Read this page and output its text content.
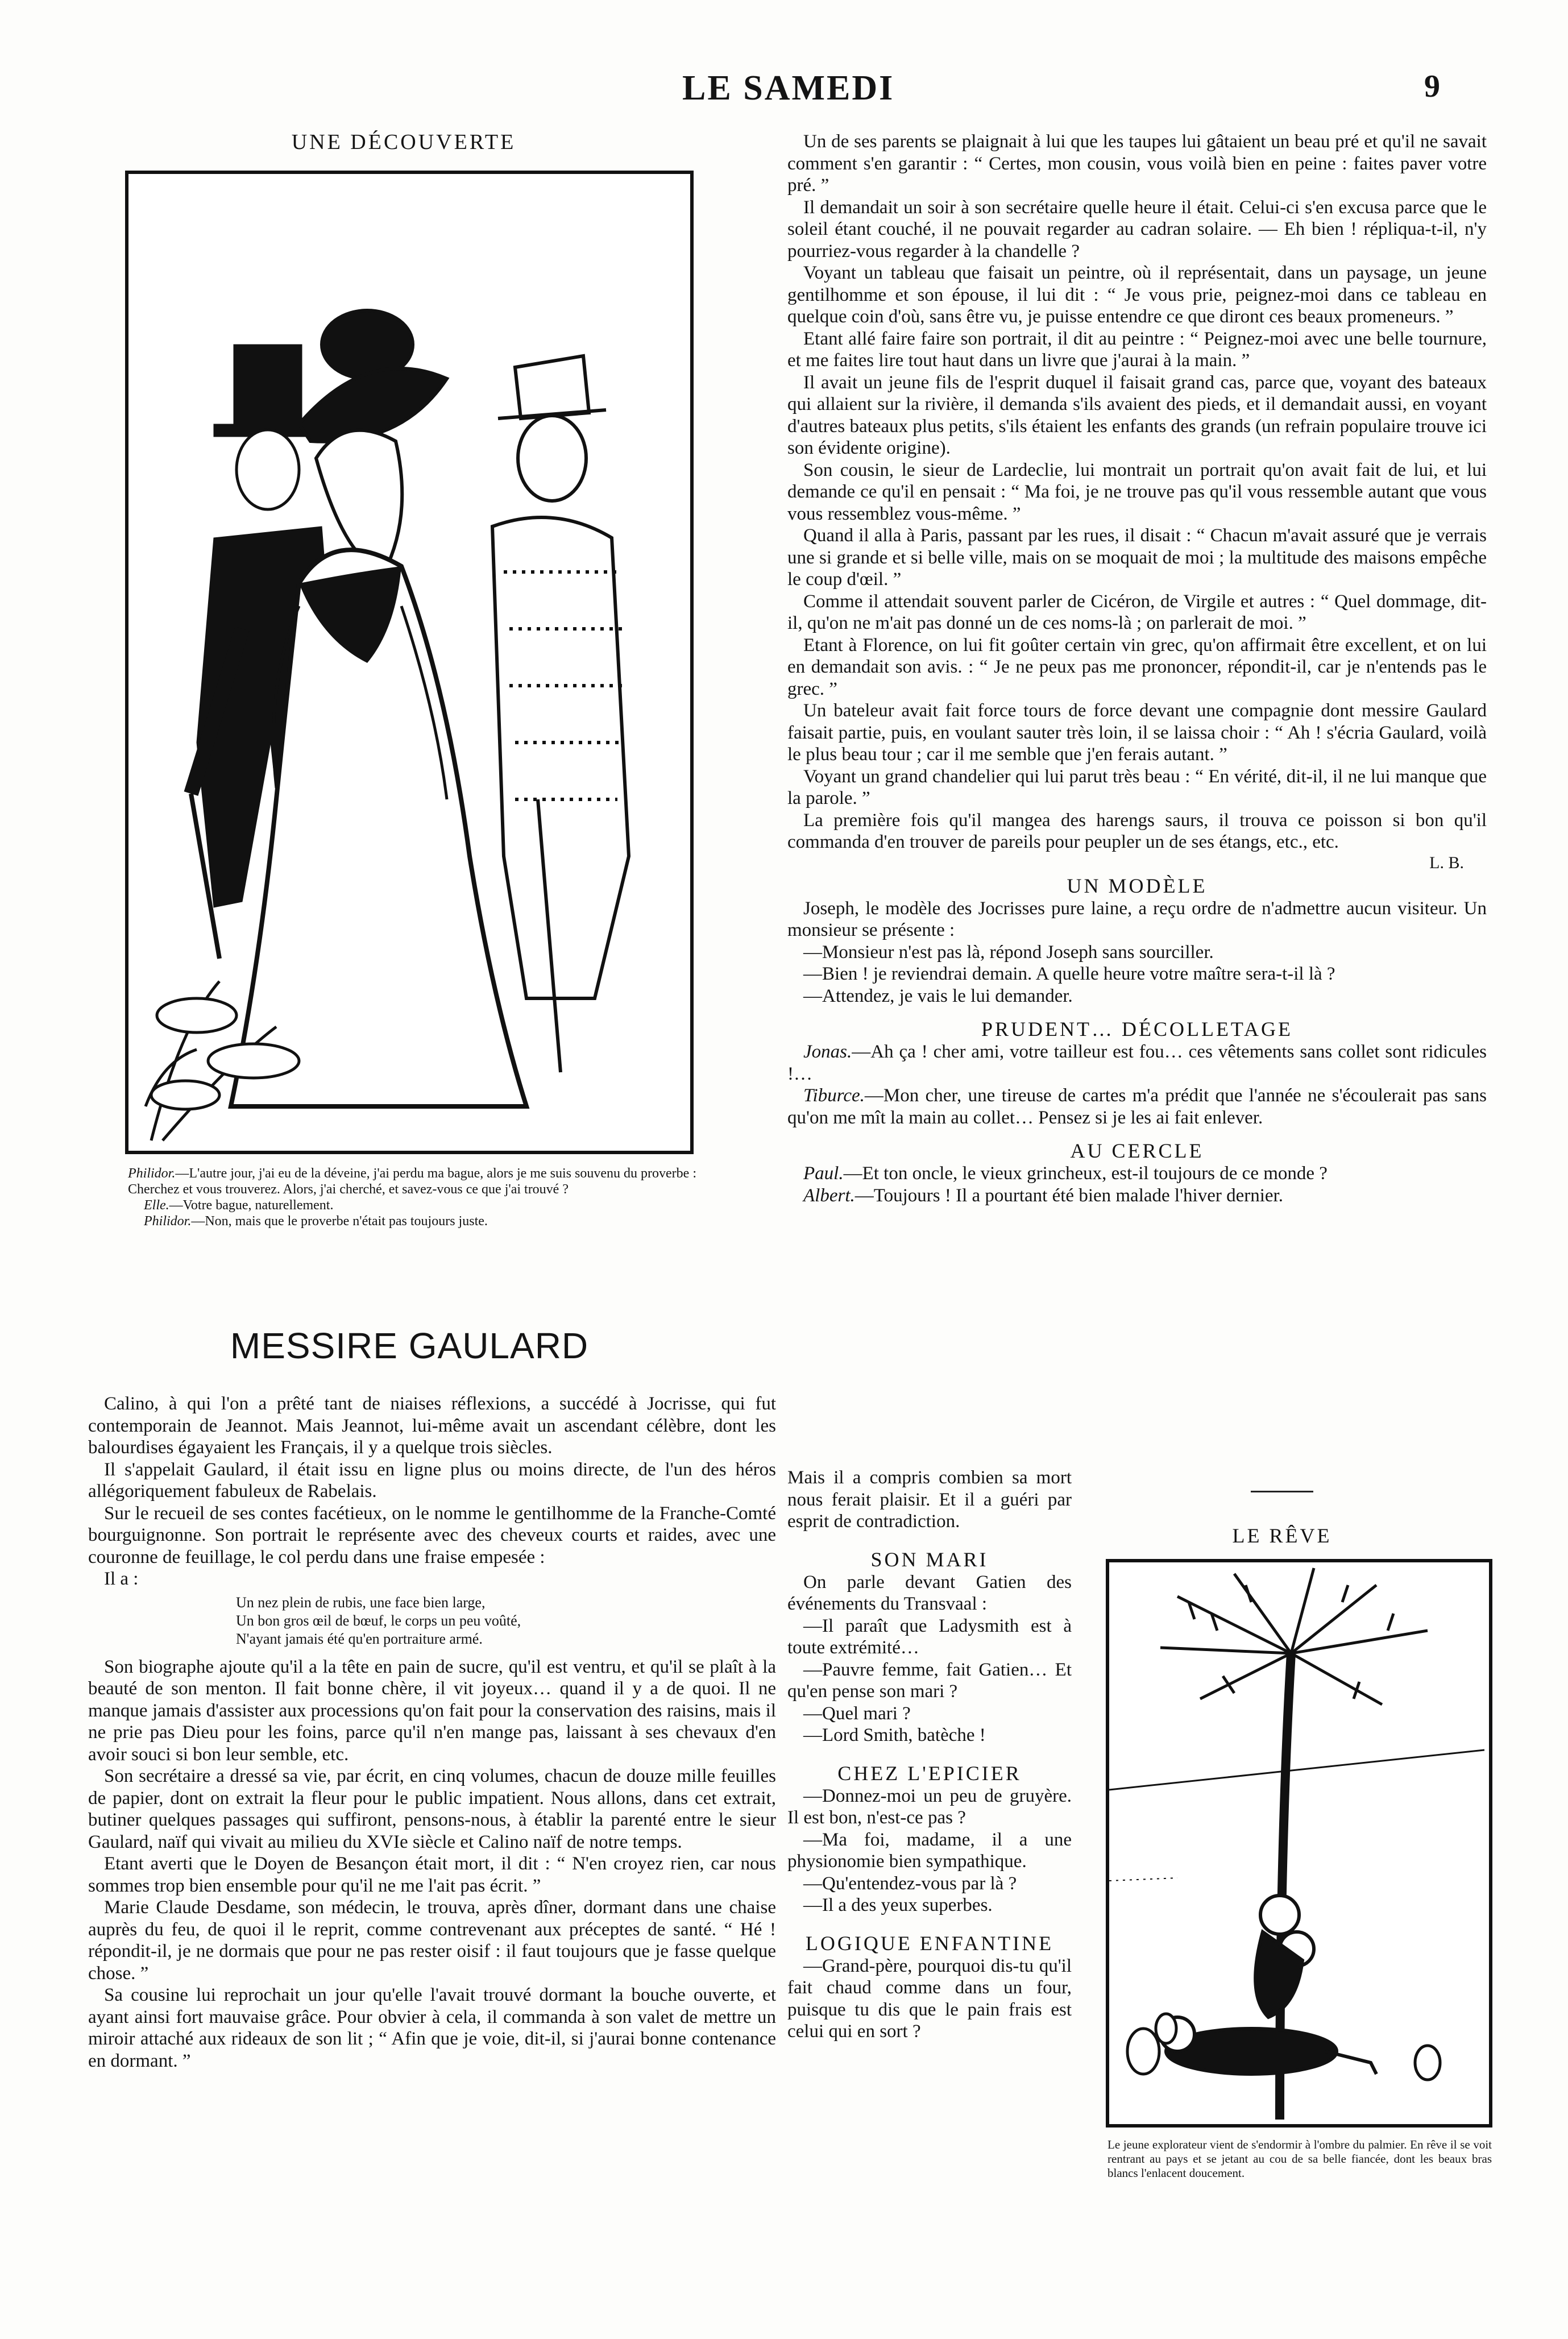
LE SAMEDI	9
UNE DÉCOUVERTE
Philidor.—L'autre jour, j'ai eu de la déveine, j'ai perdu ma bague, alors je me suis souvenu du proverbe : Cherchez et vous trouverez. Alors, j'ai cherché, et savez-vous ce que j'ai trouvé ?
Elle.—Votre bague, naturellement.
Philidor.—Non, mais que le proverbe n'était pas toujours juste.
MESSIRE GAULARD

Calino, à qui l'on a prêté tant de niaises réflexions, a succédé à Jocrisse, qui fut contemporain de Jeannot. Mais Jeannot, lui-même avait un ascendant célèbre, dont les balourdises égayaient les Français, il y a quelque trois siècles.

Il s'appelait Gaulard, il était issu en ligne plus ou moins directe, de l'un des héros allégoriquement fabuleux de Rabelais.

Sur le recueil de ses contes facétieux, on le nomme le gentilhomme de la Franche-Comté bourguignonne. Son portrait le représente avec des cheveux courts et raides, avec une couronne de feuillage, le col perdu dans une fraise empesée :

Il a :

Un nez plein de rubis, une face bien large,
Un bon gros œil de bœuf, le corps un peu voûté,
N'ayant jamais été qu'en portraiture armé.

Son biographe ajoute qu'il a la tête en pain de sucre, qu'il est ventru, et qu'il se plaît à la beauté de son menton. Il fait bonne chère, il vit joyeux… quand il y a de quoi. Il ne manque jamais d'assister aux processions qu'on fait pour la conservation des raisins, mais il ne prie pas Dieu pour les foins, parce qu'il n'en mange pas, laissant à ses chevaux d'en avoir souci si bon leur semble, etc.

Son secrétaire a dressé sa vie, par écrit, en cinq volumes, chacun de douze mille feuilles de papier, dont on extrait la fleur pour le public impatient. Nous allons, dans cet extrait, butiner quelques passages qui suffiront, pensons-nous, à établir la parenté entre le sieur Gaulard, naïf qui vivait au milieu du XVIe siècle et Calino naïf de notre temps.

Etant averti que le Doyen de Besançon était mort, il dit : “ N'en croyez rien, car nous sommes trop bien ensemble pour qu'il ne me l'ait pas écrit. ”

Marie Claude Desdame, son médecin, le trouva, après dîner, dormant dans une chaise auprès du feu, de quoi il le reprit, comme contrevenant aux préceptes de santé. “ Hé ! répondit-il, je ne dormais que pour ne pas rester oisif : il faut toujours que je fasse quelque chose. ”

Sa cousine lui reprochait un jour qu'elle l'avait trouvé dormant la bouche ouverte, et ayant ainsi fort mauvaise grâce. Pour obvier à cela, il commanda à son valet de mettre un miroir attaché aux rideaux de son lit ; “ Afin que je voie, dit-il, si j'aurai bonne contenance en dormant. ”

Un de ses parents se plaignait à lui que les taupes lui gâtaient un beau pré et qu'il ne savait comment s'en garantir : “ Certes, mon cousin, vous voilà bien en peine : faites paver votre pré. ”

Il demandait un soir à son secrétaire quelle heure il était. Celui-ci s'en excusa parce que le soleil étant couché, il ne pouvait regarder au cadran solaire. — Eh bien ! répliqua-t-il, n'y pourriez-vous regarder à la chandelle ?

Voyant un tableau que faisait un peintre, où il représentait, dans un paysage, un jeune gentilhomme et son épouse, il lui dit : “ Je vous prie, peignez-moi dans ce tableau en quelque coin d'où, sans être vu, je puisse entendre ce que diront ces beaux promeneurs. ”

Etant allé faire faire son portrait, il dit au peintre : “ Peignez-moi avec une belle tournure, et me faites lire tout haut dans un livre que j'aurai à la main. ”

Il avait un jeune fils de l'esprit duquel il faisait grand cas, parce que, voyant des bateaux qui allaient sur la rivière, il demanda s'ils avaient des pieds, et il demandait aussi, en voyant d'autres bateaux plus petits, s'ils étaient les enfants des grands (un refrain populaire trouve ici son évidente origine).

Son cousin, le sieur de Lardeclie, lui montrait un portrait qu'on avait fait de lui, et lui demande ce qu'il en pensait : “ Ma foi, je ne trouve pas qu'il vous ressemble autant que vous vous ressemblez vous-même. ”

Quand il alla à Paris, passant par les rues, il disait : “ Chacun m'avait assuré que je verrais une si grande et si belle ville, mais on se moquait de moi ; la multitude des maisons empêche le coup d'œil. ”

Comme il attendait souvent parler de Cicéron, de Virgile et autres : “ Quel dommage, dit-il, qu'on ne m'ait pas donné un de ces noms-là ; on parlerait de moi. ”

Etant à Florence, on lui fit goûter certain vin grec, qu'on affirmait être excellent, et on lui en demandait son avis. : “ Je ne peux pas me prononcer, répondit-il, car je n'entends pas le grec. ”

Un bateleur avait fait force tours de force devant une compagnie dont messire Gaulard faisait partie, puis, en voulant sauter très loin, il se laissa choir : “ Ah ! s'écria Gaulard, voilà le plus beau tour ; car il me semble que j'en ferais autant. ”

Voyant un grand chandelier qui lui parut très beau : “ En vérité, dit-il, il ne lui manque que la parole. ”

La première fois qu'il mangea des harengs saurs, il trouva ce poisson si bon qu'il commanda d'en trouver de pareils pour peupler un de ses étangs, etc., etc.

L. B.
UN MODÈLE

Joseph, le modèle des Jocrisses pure laine, a reçu ordre de n'admettre aucun visiteur. Un monsieur se présente :

—Monsieur n'est pas là, répond Joseph sans sourciller.

—Bien ! je reviendrai demain. A quelle heure votre maître sera-t-il là ?

—Attendez, je vais le lui demander.

PRUDENT… DÉCOLLETAGE

Jonas.—Ah ça ! cher ami, votre tailleur est fou… ces vêtements sans collet sont ridicules !…

Tiburce.—Mon cher, une tireuse de cartes m'a prédit que l'année ne s'écoulerait pas sans qu'on me mît la main au collet… Pensez si je les ai fait enlever.

AU CERCLE

Paul.—Et ton oncle, le vieux grincheux, est-il toujours de ce monde ?

Albert.—Toujours ! Il a pourtant été bien malade l'hiver dernier.

Mais il a compris combien sa mort nous ferait plaisir. Et il a guéri par esprit de contradiction.

SON MARI

On parle devant Gatien des événements du Transvaal :

—Il paraît que Ladysmith est à toute extrémité…

—Pauvre femme, fait Gatien… Et qu'en pense son mari ?

—Quel mari ?

—Lord Smith, batèche !

CHEZ L'EPICIER

—Donnez-moi un peu de gruyère. Il est bon, n'est-ce pas ?

—Ma foi, madame, il a une physionomie bien sympathique.

—Qu'entendez-vous par là ?

—Il a des yeux superbes.

LOGIQUE ENFANTINE

—Grand-père, pourquoi dis-tu qu'il fait chaud comme dans un four, puisque tu dis que le pain frais est celui qui en sort ?

LE RÊVE
Le jeune explorateur vient de s'endormir à l'ombre du palmier. En rêve il se voit rentrant au pays et se jetant au cou de sa belle fiancée, dont les beaux bras blancs l'enlacent doucement.
